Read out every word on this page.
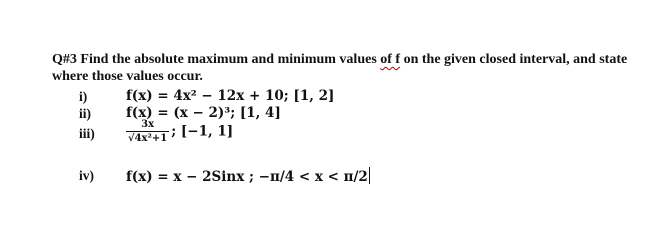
Q#3 Find the absolute maximum and minimum values of f on the given closed interval, and state
where those values occur.
i)	f(x) = 4x² − 12x + 10; [1, 2]
ii)	f(x) = (x − 2)³; [1, 4]
iii)	$\frac{3x}{\text{√4x²+1}}$ ; [−1, 1]
iv) f(x) = x − 2Sinx ; −π/4 < x < π/2
